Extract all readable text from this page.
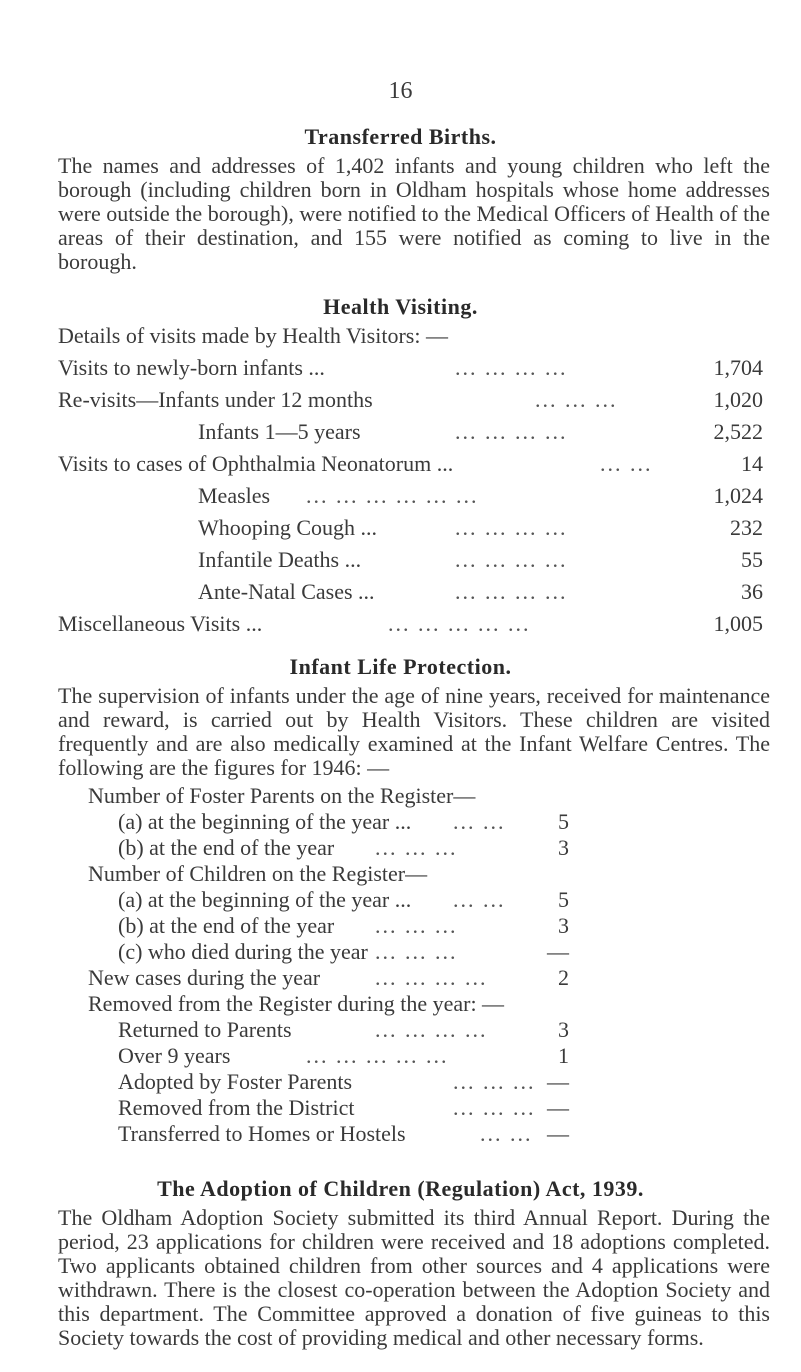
16
Transferred Births.
The names and addresses of 1,402 infants and young children who left the borough (including children born in Oldham hospitals whose home addresses were outside the borough), were notified to the Medical Officers of Health of the areas of their destination, and 155 were notified as coming to live in the borough.
Health Visiting.
Details of visits made by Health Visitors: —
Visits to newly-born infants ...	... ... ... ...	1,704
Re-visits—Infants under 12 months	... ... ...	1,020
Infants 1—5 years	... ... ... ...	2,522
Visits to cases of Ophthalmia Neonatorum ...	... ...	14
Measles ... ... ... ... ... ...	1,024
Whooping Cough ...	... ... ... ...	232
Infantile Deaths ...	... ... ... ...	55
Ante-Natal Cases ...	... ... ... ...	36
Miscellaneous Visits ...	... ... ... ... ...	1,005
Infant Life Protection.
The supervision of infants under the age of nine years, received for maintenance and reward, is carried out by Health Visitors. These children are visited frequently and are also medically examined at the Infant Welfare Centres. The following are the figures for 1946: —
Number of Foster Parents on the Register—
(a) at the beginning of the year ... ... ... 5
(b) at the end of the year ... ... ...	3
Number of Children on the Register—
(a) at the beginning of the year ... ... ... 5
(b) at the end of the year ... ... ...	3
(c) who died during the year ... ... ...	—
New cases during the year ... ... ... ...	2
Removed from the Register during the year: —
Returned to Parents	... ... ... ...	3
Over 9 years	... ... ... ... ...	1
Adopted by Foster Parents	... ... ... —
Removed from the District	... ... ... —
Transferred to Homes or Hostels	... ... —
The Adoption of Children (Regulation) Act, 1939.
The Oldham Adoption Society submitted its third Annual Report. During the period, 23 applications for children were received and 18 adoptions completed. Two applicants obtained children from other sources and 4 applications were withdrawn. There is the closest co-operation between the Adoption Society and this department. The Committee approved a donation of five guineas to this Society towards the cost of providing medical and other necessary forms.
